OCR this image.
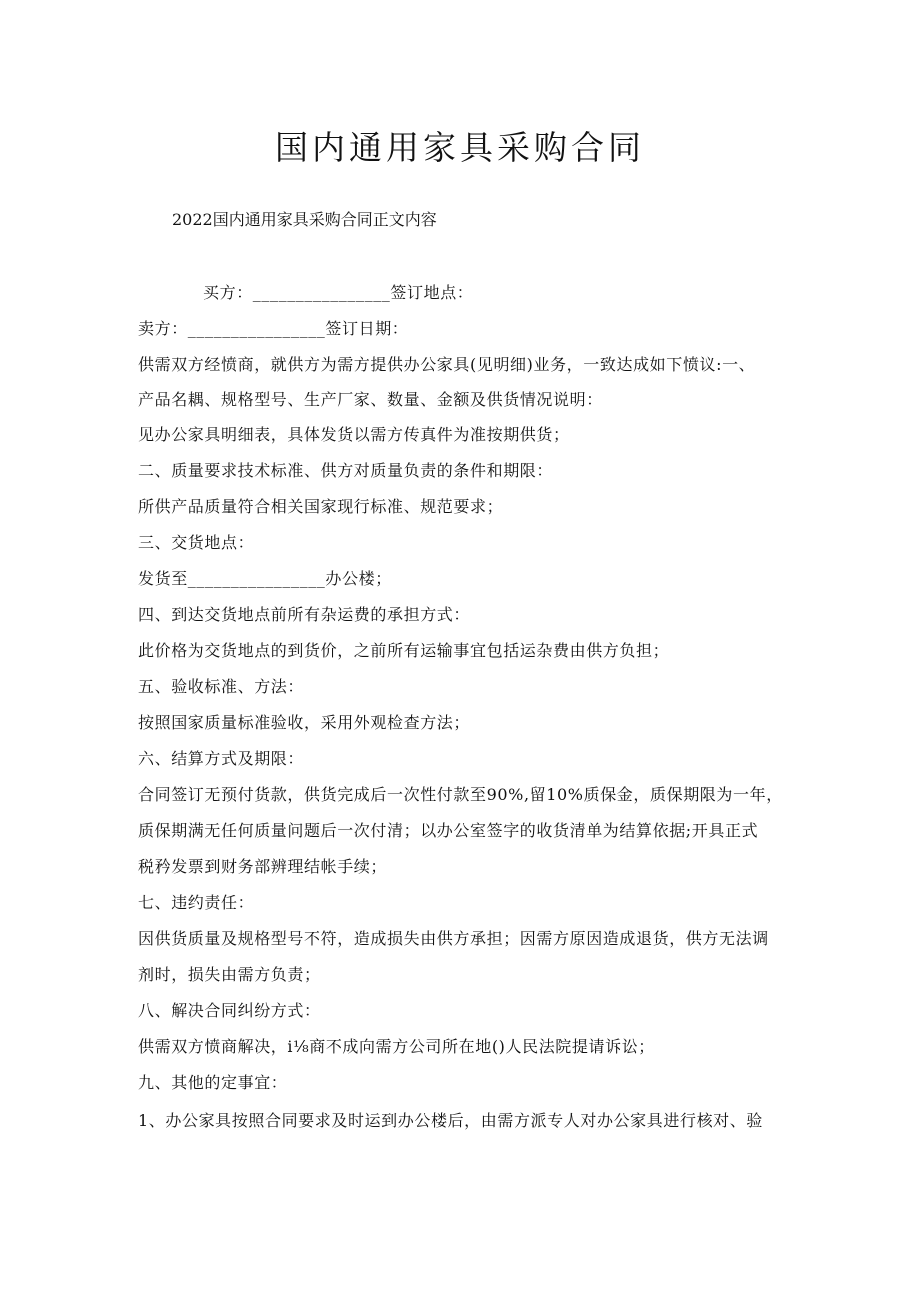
国内通用家具采购合同
2022国内通用家具采购合同正文内容
买方：________________签订地点：
卖方：________________签订日期：
供需双方经愤商，就供方为需方提供办公家具(见明细)业务，一致达成如下愤议:一、
产品名耦、规格型号、生产厂家、数量、金额及供货情况说明：
见办公家具明细表，具体发货以需方传真件为准按期供货；
二、质量要求技术标准、供方对质量负责的条件和期限：
所供产品质量符合相关国家现行标准、规范要求；
三、交货地点：
发货至________________办公楼；
四、到达交货地点前所有杂运费的承担方式：
此价格为交货地点的到货价，之前所有运输事宜包括运杂费由供方负担；
五、验收标准、方法：
按照国家质量标准验收，采用外观检查方法；
六、结算方式及期限：
合同签订无预付货款，供货完成后一次性付款至90%,留10%质保金，质保期限为一年，
质保期满无任何质量问题后一次付清；以办公室签字的收货清单为结算依据;开具正式
税矜发票到财务部辨理结帐手续；
七、违约责任：
因供货质量及规格型号不符，造成损失由供方承担；因需方原因造成退货，供方无法调
剂时，损失由需方负责；
八、解决合同纠纷方式：
供需双方愤商解决，i⅛商不成向需方公司所在地()人民法院提请诉讼；
九、其他的定事宜：
1、办公家具按照合同要求及时运到办公楼后，由需方派专人对办公家具进行核对、验
